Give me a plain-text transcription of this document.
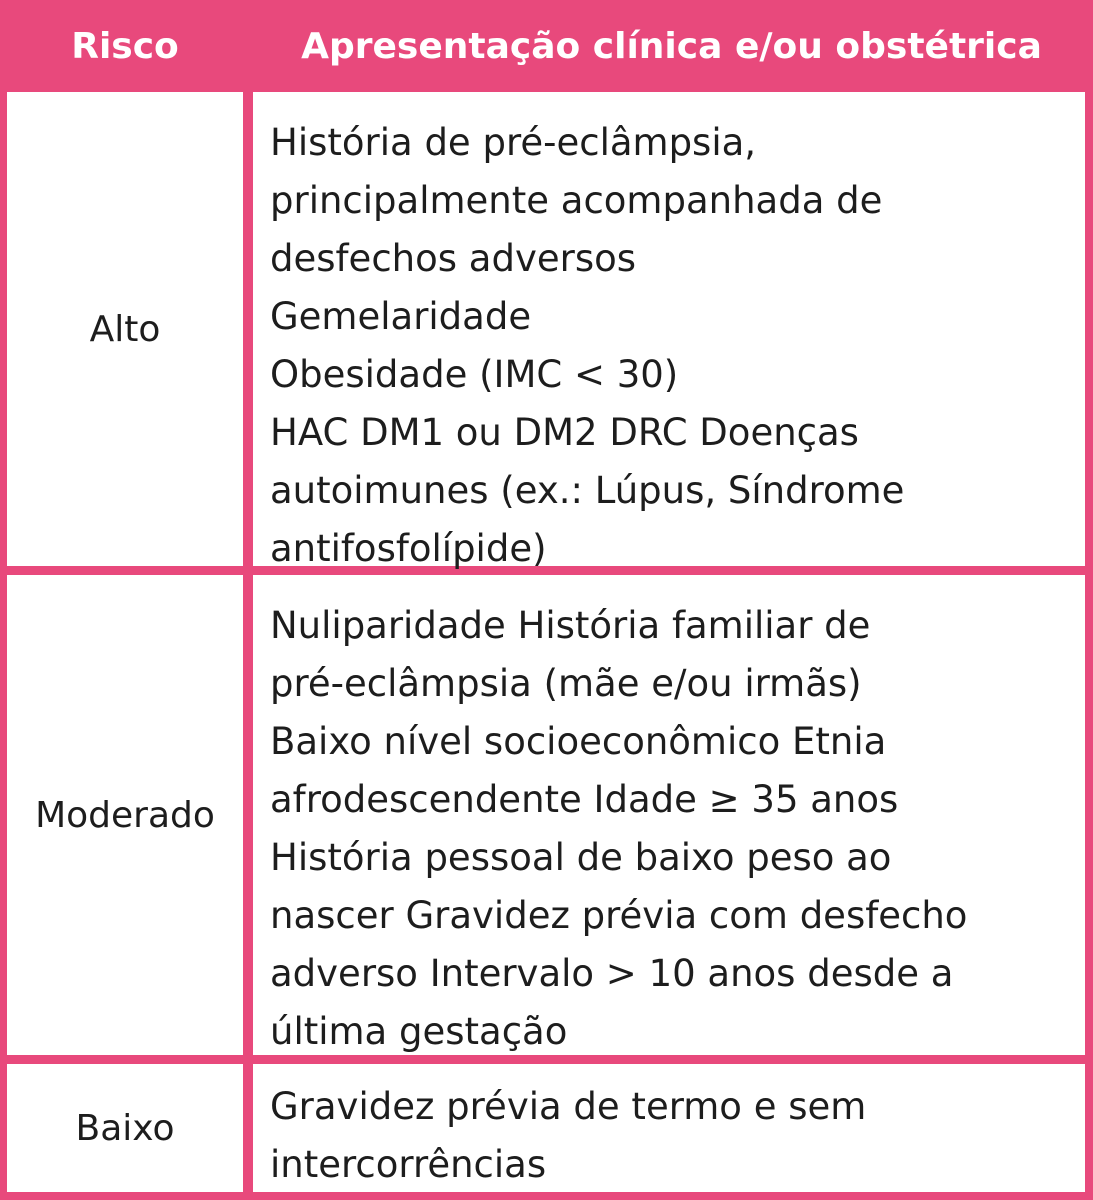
Risco	Apresentação clínica e/ou obstétrica
Alto
História de pré-eclâmpsia,
principalmente acompanhada de
desfechos adversos
Gemelaridade
Obesidade (IMC < 30)
HAC DM1 ou DM2 DRC Doenças
autoimunes (ex.: Lúpus, Síndrome
antifosfolípide)
Moderado
Nuliparidade História familiar de
pré-eclâmpsia (mãe e/ou irmãs)
Baixo nível socioeconômico Etnia
afrodescendente Idade ≥ 35 anos
História pessoal de baixo peso ao
nascer Gravidez prévia com desfecho
adverso Intervalo > 10 anos desde a
última gestação
Baixo	Gravidez prévia de termo e sem
intercorrências
